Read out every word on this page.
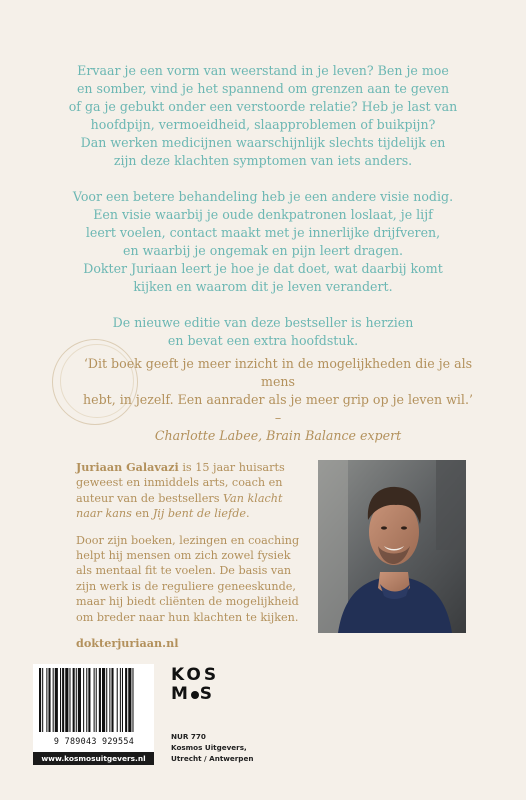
Ervaar je een vorm van weerstand in je leven? Ben je moe
en somber, vind je het spannend om grenzen aan te geven
of ga je gebukt onder een verstoorde relatie? Heb je last van
hoofdpijn, vermoeidheid, slaapproblemen of buikpijn?
Dan werken medicijnen waarschijnlijk slechts tijdelijk en
zijn deze klachten symptomen van iets anders.

Voor een betere behandeling heb je een andere visie nodig.
Een visie waarbij je oude denkpatronen loslaat, je lijf
leert voelen, contact maakt met je innerlijke drijfveren,
en waarbij je ongemak en pijn leert dragen.
Dokter Juriaan leert je hoe je dat doet, wat daarbij komt
kijken en waarom dit je leven verandert.

De nieuwe editie van deze bestseller is herzien
en bevat een extra hoofdstuk.

‘Dit boek geeft je meer inzicht in de mogelijkheden die je als mens
hebt, in jezelf. Een aanrader als je meer grip op je leven wil.’ –
Charlotte Labee, Brain Balance expert

Juriaan Galavazi is 15 jaar huisarts geweest en inmiddels arts, coach en auteur van de bestsellers Van klacht naar kans en Jij bent de liefde.

Door zijn boeken, lezingen en coaching helpt hij mensen om zich zowel fysiek als mentaal fit te voelen. De basis van zijn werk is de reguliere geneeskunde, maar hij biedt cliënten de mogelijkheid om breder naar hun klachten te kijken.

dokterjuriaan.nl

9 789043 929554
www.kosmosuitgevers.nl
KOS
M S
NUR 770
Kosmos Uitgevers,
Utrecht / Antwerpen
